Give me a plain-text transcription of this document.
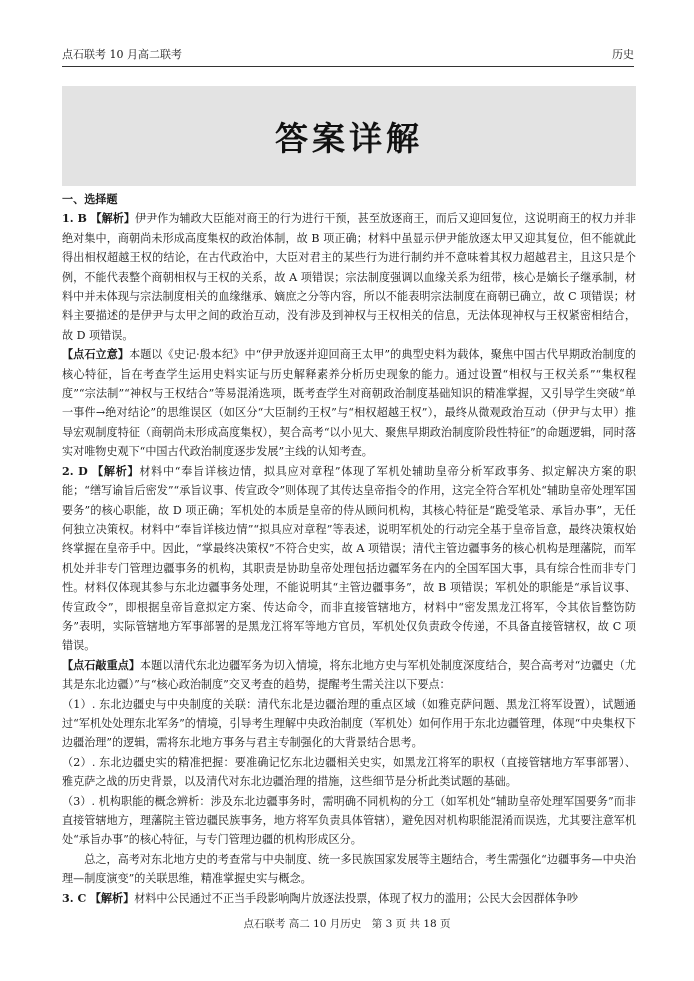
点石联考 10 月高二联考	历史
答案详解

一、选择题

1. B 【解析】伊尹作为辅政大臣能对商王的行为进行干预，甚至放逐商王，而后又迎回复位，这说明商王的权力并非绝对集中，商朝尚未形成高度集权的政治体制，故 B 项正确；材料中虽显示伊尹能放逐太甲又迎其复位，但不能就此得出相权超越王权的结论，在古代政治中，大臣对君主的某些行为进行制约并不意味着其权力超越君主，且这只是个例，不能代表整个商朝相权与王权的关系，故 A 项错误；宗法制度强调以血缘关系为纽带，核心是嫡长子继承制，材料中并未体现与宗法制度相关的血缘继承、嫡庶之分等内容，所以不能表明宗法制度在商朝已确立，故 C 项错误；材料主要描述的是伊尹与太甲之间的政治互动，没有涉及到神权与王权相关的信息，无法体现神权与王权紧密相结合，故 D 项错误。

【点石立意】本题以《史记·殷本纪》中“伊尹放逐并迎回商王太甲”的典型史料为载体，聚焦中国古代早期政治制度的核心特征，旨在考查学生运用史料实证与历史解释素养分析历史现象的能力。通过设置“相权与王权关系”“集权程度”“宗法制”“神权与王权结合”等易混淆选项，既考查学生对商朝政治制度基础知识的精准掌握，又引导学生突破“单一事件→绝对结论”的思维误区（如区分“大臣制约王权”与“相权超越王权”），最终从微观政治互动（伊尹与太甲）推导宏观制度特征（商朝尚未形成高度集权），契合高考“以小见大、聚焦早期政治制度阶段性特征”的命题逻辑，同时落实对唯物史观下“中国古代政治制度逐步发展”主线的认知考查。

2. D 【解析】材料中“奉旨详核边情，拟具应对章程”体现了军机处辅助皇帝分析军政事务、拟定解决方案的职能；“缮写谕旨后密发”“承旨议事、传宣政令”则体现了其传达皇帝指令的作用，这完全符合军机处“辅助皇帝处理军国要务”的核心职能，故 D 项正确；军机处的本质是皇帝的侍从顾问机构，其核心特征是“跪受笔录、承旨办事”，无任何独立决策权。材料中“奉旨详核边情”“拟具应对章程”等表述，说明军机处的行动完全基于皇帝旨意，最终决策权始终掌握在皇帝手中。因此，“掌最终决策权”不符合史实，故 A 项错误；清代主管边疆事务的核心机构是理藩院，而军机处并非专门管理边疆事务的机构，其职责是协助皇帝处理包括边疆军务在内的全国军国大事，具有综合性而非专门性。材料仅体现其参与东北边疆事务处理，不能说明其“主管边疆事务”，故 B 项错误；军机处的职能是“承旨议事、传宣政令”，即根据皇帝旨意拟定方案、传达命令，而非直接管辖地方，材料中“密发黑龙江将军，令其依旨整饬防务”表明，实际管辖地方军事部署的是黑龙江将军等地方官员，军机处仅负责政令传递，不具备直接管辖权，故 C 项错误。

【点石敲重点】本题以清代东北边疆军务为切入情境，将东北地方史与军机处制度深度结合，契合高考对“边疆史（尤其是东北边疆）”与“核心政治制度”交叉考查的趋势，提醒考生需关注以下要点：

（1）. 东北边疆史与中央制度的关联：清代东北是边疆治理的重点区域（如雅克萨问题、黑龙江将军设置），试题通过“军机处处理东北军务”的情境，引导考生理解中央政治制度（军机处）如何作用于东北边疆管理，体现“中央集权下边疆治理”的逻辑，需将东北地方事务与君主专制强化的大背景结合思考。

（2）. 东北边疆史实的精准把握：要准确记忆东北边疆相关史实，如黑龙江将军的职权（直接管辖地方军事部署）、雅克萨之战的历史背景，以及清代对东北边疆治理的措施，这些细节是分析此类试题的基础。

（3）. 机构职能的概念辨析：涉及东北边疆事务时，需明确不同机构的分工（如军机处“辅助皇帝处理军国要务”而非直接管辖地方，理藩院主管边疆民族事务，地方将军负责具体管辖），避免因对机构职能混淆而误选，尤其要注意军机处“承旨办事”的核心特征，与专门管理边疆的机构形成区分。

总之，高考对东北地方史的考查常与中央制度、统一多民族国家发展等主题结合，考生需强化“边疆事务—中央治理—制度演变”的关联思维，精准掌握史实与概念。

3. C 【解析】材料中公民通过不正当手段影响陶片放逐法投票，体现了权力的滥用；公民大会因群体争吵

点石联考 高二 10 月历史　第 3 页 共 18 页
